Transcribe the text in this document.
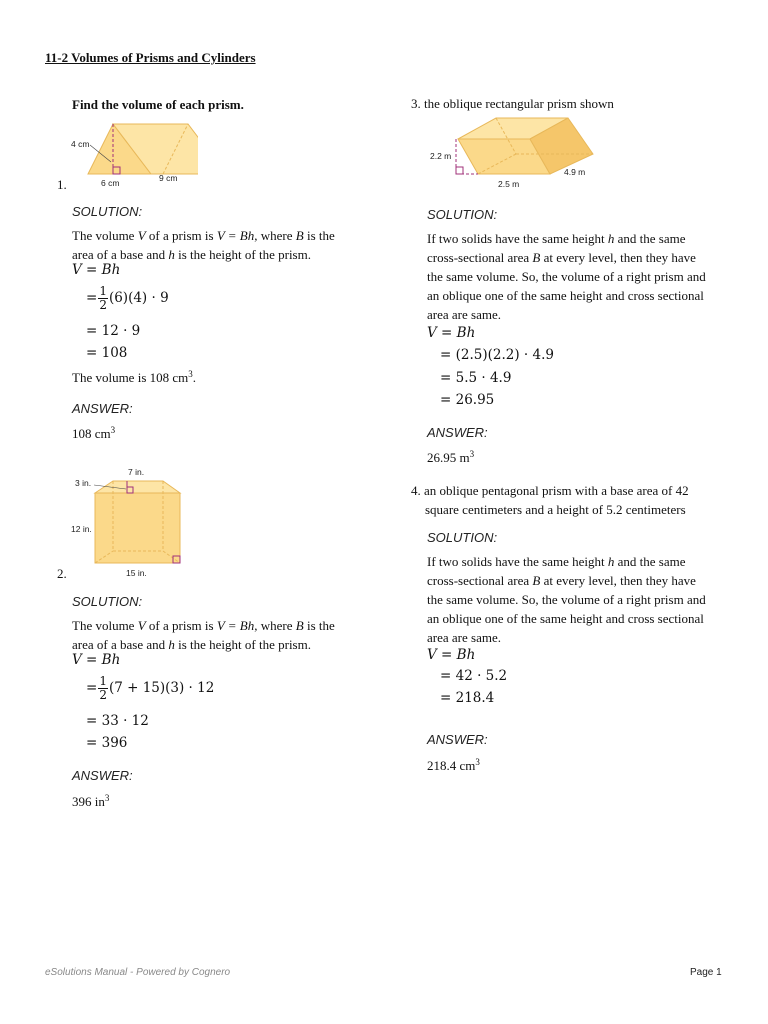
11-2 Volumes of Prisms and Cylinders
Find the volume of each prism.
4 cm
6 cm	9 cm
1.
SOLUTION:
The volume V of a prism is V = Bh, where B is the
area of a base and h is the height of the prism.
V = Bh
= $\frac{1}{2} (6)(4) \cdot 9$
= 12 · 9
= 108
The volume is 108 $cm^3$.
ANSWER:
108 $cm^3$
7 in.
3 in.
12 in.
15 in.
2.
SOLUTION:
The volume V of a prism is V = Bh, where B is the
area of a base and h is the height of the prism.
V = Bh
= $\frac{1}{2} (7 + 15)(3) \cdot 12$
= 33 · 12
= 396
ANSWER:
396 $in^3$
3. the oblique rectangular prism shown
2.2 m
2.5 m
4.9 m
SOLUTION:
If two solids have the same height h and the same
cross-sectional area B at every level, then they have
the same volume. So, the volume of a right prism and
an oblique one of the same height and cross sectional
area are same.
V = Bh
= (2.5)(2.2) · 4.9
= 5.5 · 4.9
= 26.95
ANSWER:
26.95 $m^3$
4. an oblique pentagonal prism with a base area of 42
square centimeters and a height of 5.2 centimeters
SOLUTION:
If two solids have the same height h and the same
cross-sectional area B at every level, then they have
the same volume. So, the volume of a right prism and
an oblique one of the same height and cross sectional
area are same.
V = Bh
= 42 · 5.2
= 218.4
ANSWER:
218.4 $cm^3$
eSolutions Manual - Powered by Cognero	Page 1
